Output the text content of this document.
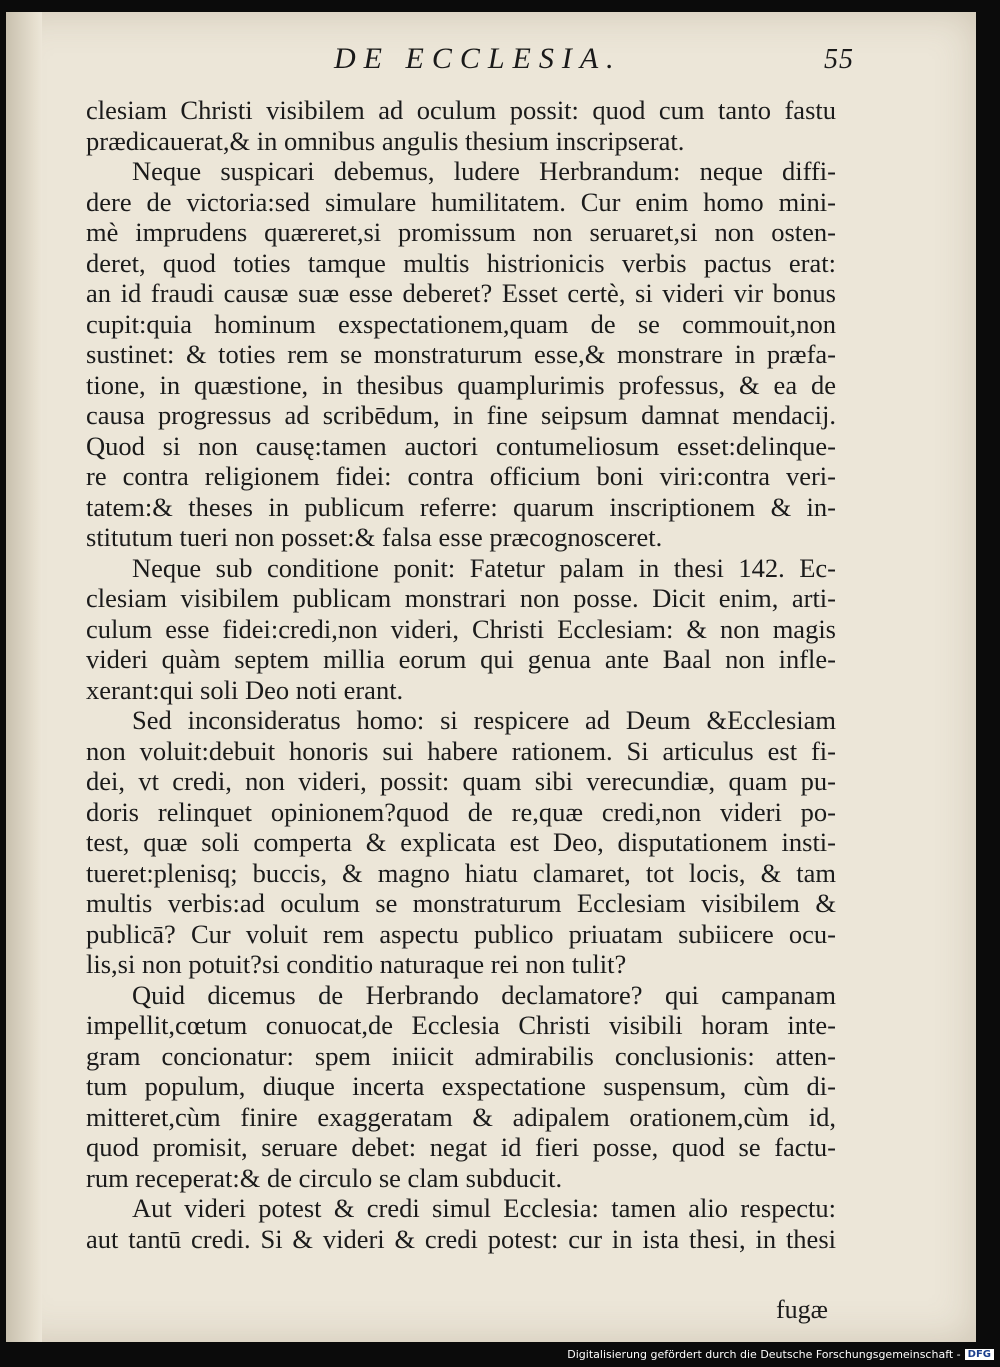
DE ECCLESIA.	55
clesiam Christi visibilem ad oculum possit: quod cum tanto fastu
prædicauerat,& in omnibus angulis thesium inscripserat.
Neque suspicari debemus, ludere Herbrandum: neque diffi-
dere de victoria:sed simulare humilitatem. Cur enim homo mini-
mè imprudens quæreret,si promissum non seruaret,si non osten-
deret, quod toties tamque multis histrionicis verbis pactus erat:
an id fraudi causæ suæ esse deberet? Esset certè, si videri vir bonus
cupit:quia hominum exspectationem,quam de se commouit,non
sustinet: & toties rem se monstraturum esse,& monstrare in præfa-
tione, in quæstione, in thesibus quamplurimis professus, & ea de
causa progressus ad scribēdum, in fine seipsum damnat mendacij.
Quod si non causę:tamen auctori contumeliosum esset:delinque-
re contra religionem fidei: contra officium boni viri:contra veri-
tatem:& theses in publicum referre: quarum inscriptionem & in-
stitutum tueri non posset:& falsa esse præcognosceret.
Neque sub conditione ponit: Fatetur palam in thesi 142. Ec-
clesiam visibilem publicam monstrari non posse. Dicit enim, arti-
culum esse fidei:credi,non videri, Christi Ecclesiam: & non magis
videri quàm septem millia eorum qui genua ante Baal non infle-
xerant:qui soli Deo noti erant.
Sed inconsideratus homo: si respicere ad Deum &Ecclesiam
non voluit:debuit honoris sui habere rationem. Si articulus est fi-
dei, vt credi, non videri, possit: quam sibi verecundiæ, quam pu-
doris relinquet opinionem?quod de re,quæ credi,non videri po-
test, quæ soli comperta & explicata est Deo, disputationem insti-
tueret:plenisq; buccis, & magno hiatu clamaret, tot locis, & tam
multis verbis:ad oculum se monstraturum Ecclesiam visibilem &
publicā? Cur voluit rem aspectu publico priuatam subiicere ocu-
lis,si non potuit?si conditio naturaque rei non tulit?
Quid dicemus de Herbrando declamatore? qui campanam
impellit,cœtum conuocat,de Ecclesia Christi visibili horam inte-
gram concionatur: spem iniicit admirabilis conclusionis: atten-
tum populum, diuque incerta exspectatione suspensum, cùm di-
mitteret,cùm finire exaggeratam & adipalem orationem,cùm id,
quod promisit, seruare debet: negat id fieri posse, quod se factu-
rum receperat:& de circulo se clam subducit.
Aut videri potest & credi simul Ecclesia: tamen alio respectu:
aut tantū credi. Si & videri & credi potest: cur in ista thesi, in thesi
fugæ
Digitalisierung gefördert durch die Deutsche Forschungsgemeinschaft - DFG
